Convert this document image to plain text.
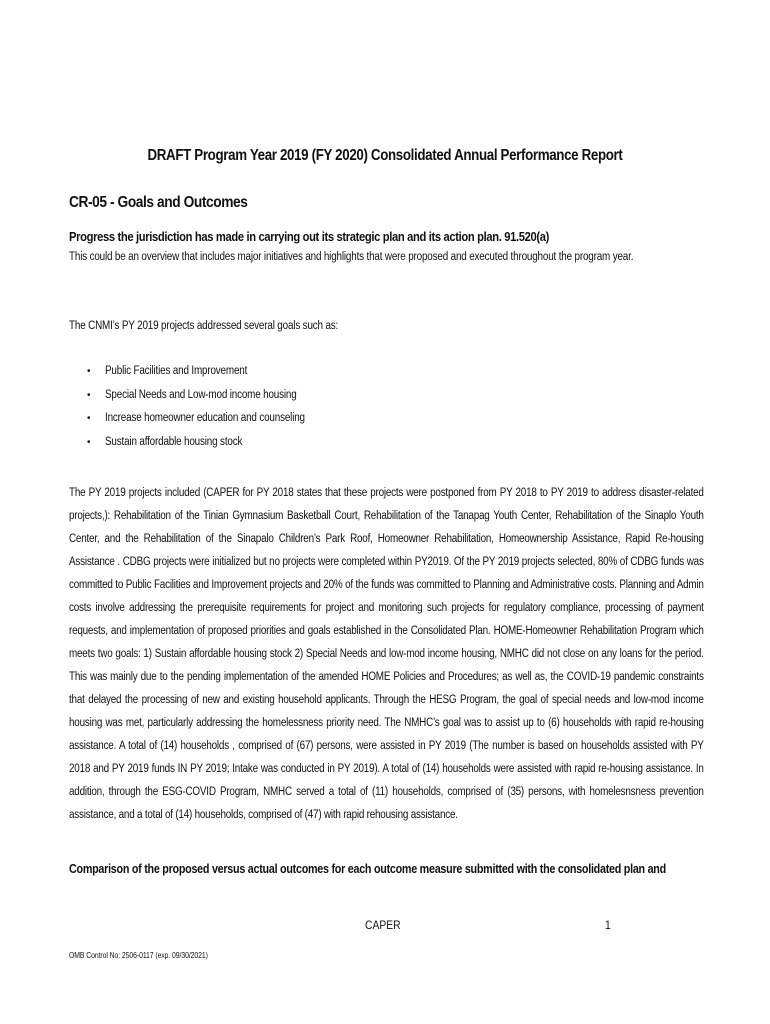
DRAFT Program Year 2019 (FY 2020) Consolidated Annual Performance Report
CR-05 - Goals and Outcomes
Progress the jurisdiction has made in carrying out its strategic plan and its action plan. 91.520(a)
This could be an overview that includes major initiatives and highlights that were proposed and executed throughout the program year.
The CNMI’s PY 2019 projects addressed several goals such as:
•	Public Facilities and Improvement
•	Special Needs and Low-mod income housing
•	Increase homeowner education and counseling
•	Sustain affordable housing stock
The PY 2019 projects included (CAPER for PY 2018 states that these projects were postponed from PY 2018 to PY 2019 to address disaster-related projects,): Rehabilitation of the Tinian Gymnasium Basketball Court, Rehabilitation of the Tanapag Youth Center, Rehabilitation of the Sinaplo Youth Center, and the Rehabilitation of the Sinapalo Children’s Park Roof, Homeowner Rehabilitation, Homeownership Assistance, Rapid Re-housing Assistance . CDBG projects were initialized but no projects were completed within PY2019. Of the PY 2019 projects selected, 80% of CDBG funds was committed to Public Facilities and Improvement projects and 20% of the funds was committed to Planning and Administrative costs. Planning and Admin costs involve addressing the prerequisite requirements for project and monitoring such projects for regulatory compliance, processing of payment requests, and implementation of proposed priorities and goals established in the Consolidated Plan. HOME-Homeowner Rehabilitation Program which meets two goals: 1) Sustain affordable housing stock 2) Special Needs and low-mod income housing, NMHC did not close on any loans for the period. This was mainly due to the pending implementation of the amended HOME Policies and Procedures; as well as, the COVID-19 pandemic constraints that delayed the processing of new and existing household applicants. Through the HESG Program, the goal of special needs and low-mod income housing was met, particularly addressing the homelessness priority need. The NMHC’s goal was to assist up to (6) households with rapid re-housing assistance. A total of (14) households , comprised of (67) persons, were assisted in PY 2019 (The number is based on households assisted with PY 2018 and PY 2019 funds IN PY 2019; Intake was conducted in PY 2019). A total of (14) households were assisted with rapid re-housing assistance. In addition, through the ESG-COVID Program, NMHC served a total of (11) households, comprised of (35) persons, with homelesnsness prevention assistance, and a total of (14) households, comprised of (47) with rapid rehousing assistance.
Comparison of the proposed versus actual outcomes for each outcome measure submitted with the consolidated plan and
CAPER	1
OMB Control No: 2506-0117 (exp. 09/30/2021)
